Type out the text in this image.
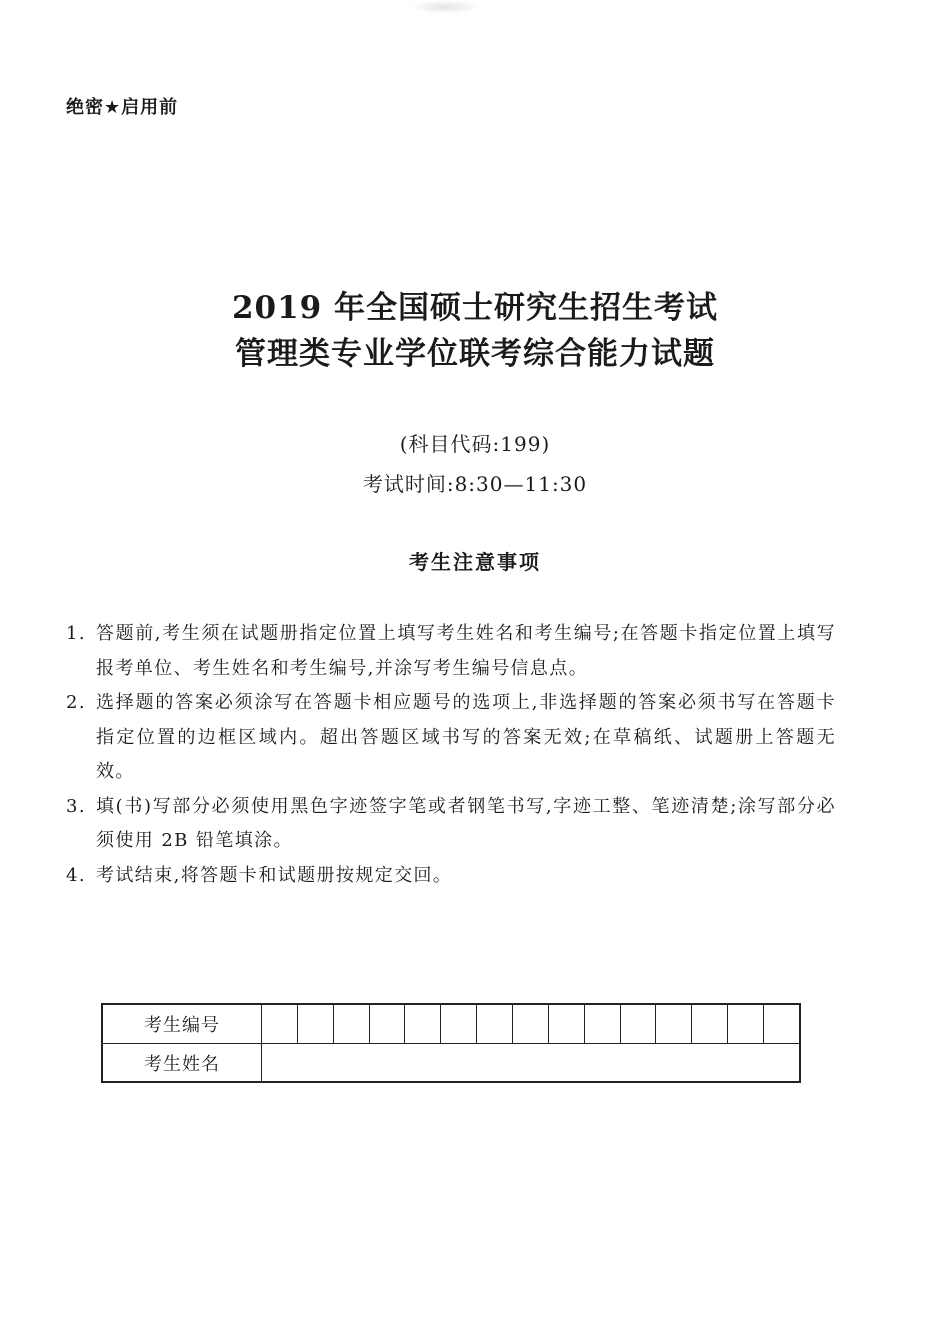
绝密★启用前
2019 年全国硕士研究生招生考试
管理类专业学位联考综合能力试题
(科目代码:199)
考试时间:8:30—11:30
考生注意事项
1. 答题前,考生须在试题册指定位置上填写考生姓名和考生编号;在答题卡指定位置上填写报考单位、考生姓名和考生编号,并涂写考生编号信息点。
2. 选择题的答案必须涂写在答题卡相应题号的选项上,非选择题的答案必须书写在答题卡指定位置的边框区域内。超出答题区域书写的答案无效;在草稿纸、试题册上答题无效。
3. 填(书)写部分必须使用黑色字迹签字笔或者钢笔书写,字迹工整、笔迹清楚;涂写部分必须使用 2B 铅笔填涂。
4. 考试结束,将答题卡和试题册按规定交回。
考生编号
考生姓名
